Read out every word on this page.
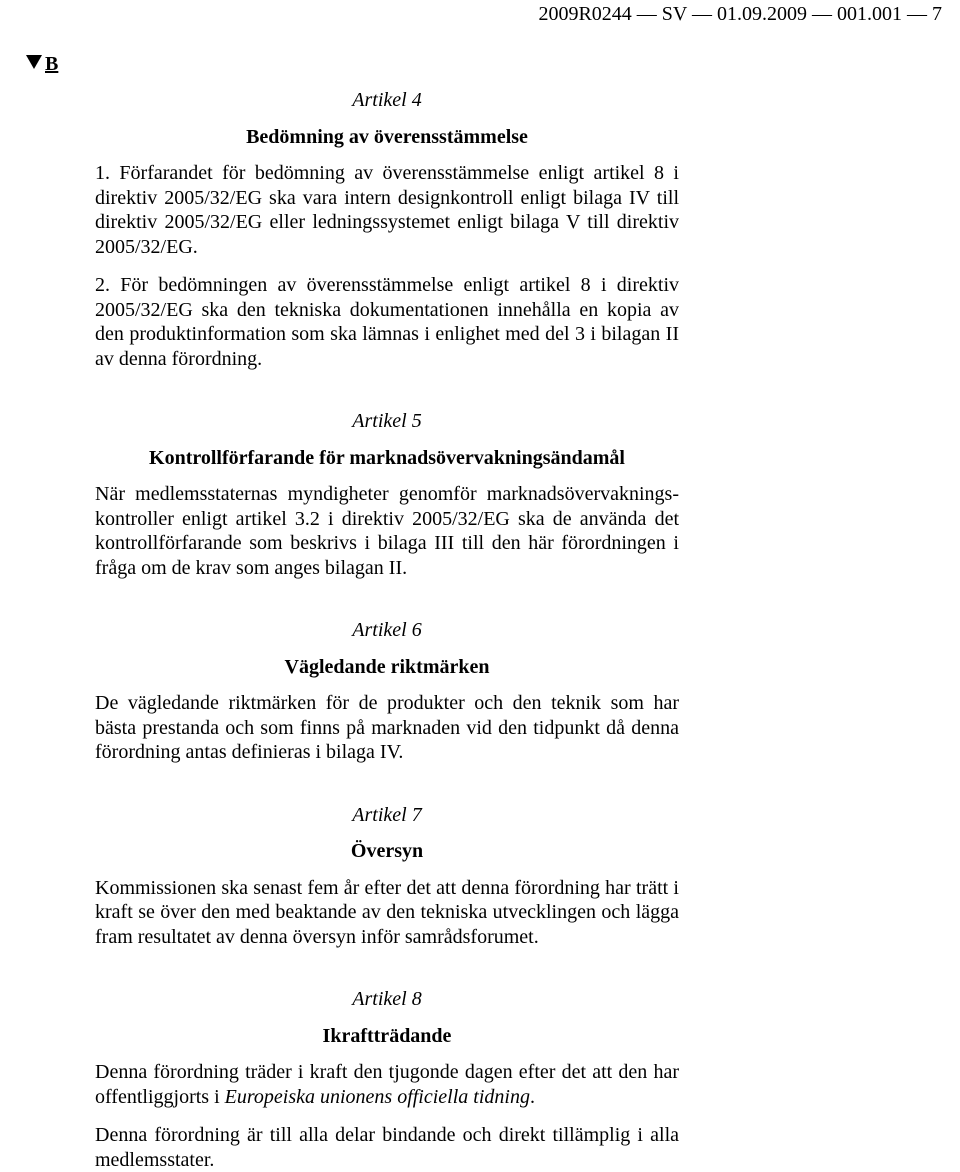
2009R0244 — SV — 01.09.2009 — 001.001 — 7
B

Artikel 4

Bedömning av överensstämmelse

1. Förfarandet för bedömning av överensstämmelse enligt artikel 8 i direktiv 2005/32/EG ska vara intern designkontroll enligt bilaga IV till direktiv 2005/32/EG eller ledningssystemet enligt bilaga V till direktiv 2005/32/EG.

2. För bedömningen av överensstämmelse enligt artikel 8 i direktiv 2005/32/EG ska den tekniska dokumentationen innehålla en kopia av den produktinformation som ska lämnas i enlighet med del 3 i bilagan II av denna förordning.

Artikel 5

Kontrollförfarande för marknadsövervakningsändamål

När medlemsstaternas myndigheter genomför marknadsövervakningskontroller enligt artikel 3.2 i direktiv 2005/32/EG ska de använda det kontrollförfarande som beskrivs i bilaga III till den här förordningen i fråga om de krav som anges bilagan II.

Artikel 6

Vägledande riktmärken

De vägledande riktmärken för de produkter och den teknik som har bästa prestanda och som finns på marknaden vid den tidpunkt då denna förordning antas definieras i bilaga IV.

Artikel 7

Översyn

Kommissionen ska senast fem år efter det att denna förordning har trätt i kraft se över den med beaktande av den tekniska utvecklingen och lägga fram resultatet av denna översyn inför samrådsforumet.

Artikel 8

Ikraftträdande

Denna förordning träder i kraft den tjugonde dagen efter det att den har offentliggjorts i Europeiska unionens officiella tidning.

Denna förordning är till alla delar bindande och direkt tillämplig i alla medlemsstater.
